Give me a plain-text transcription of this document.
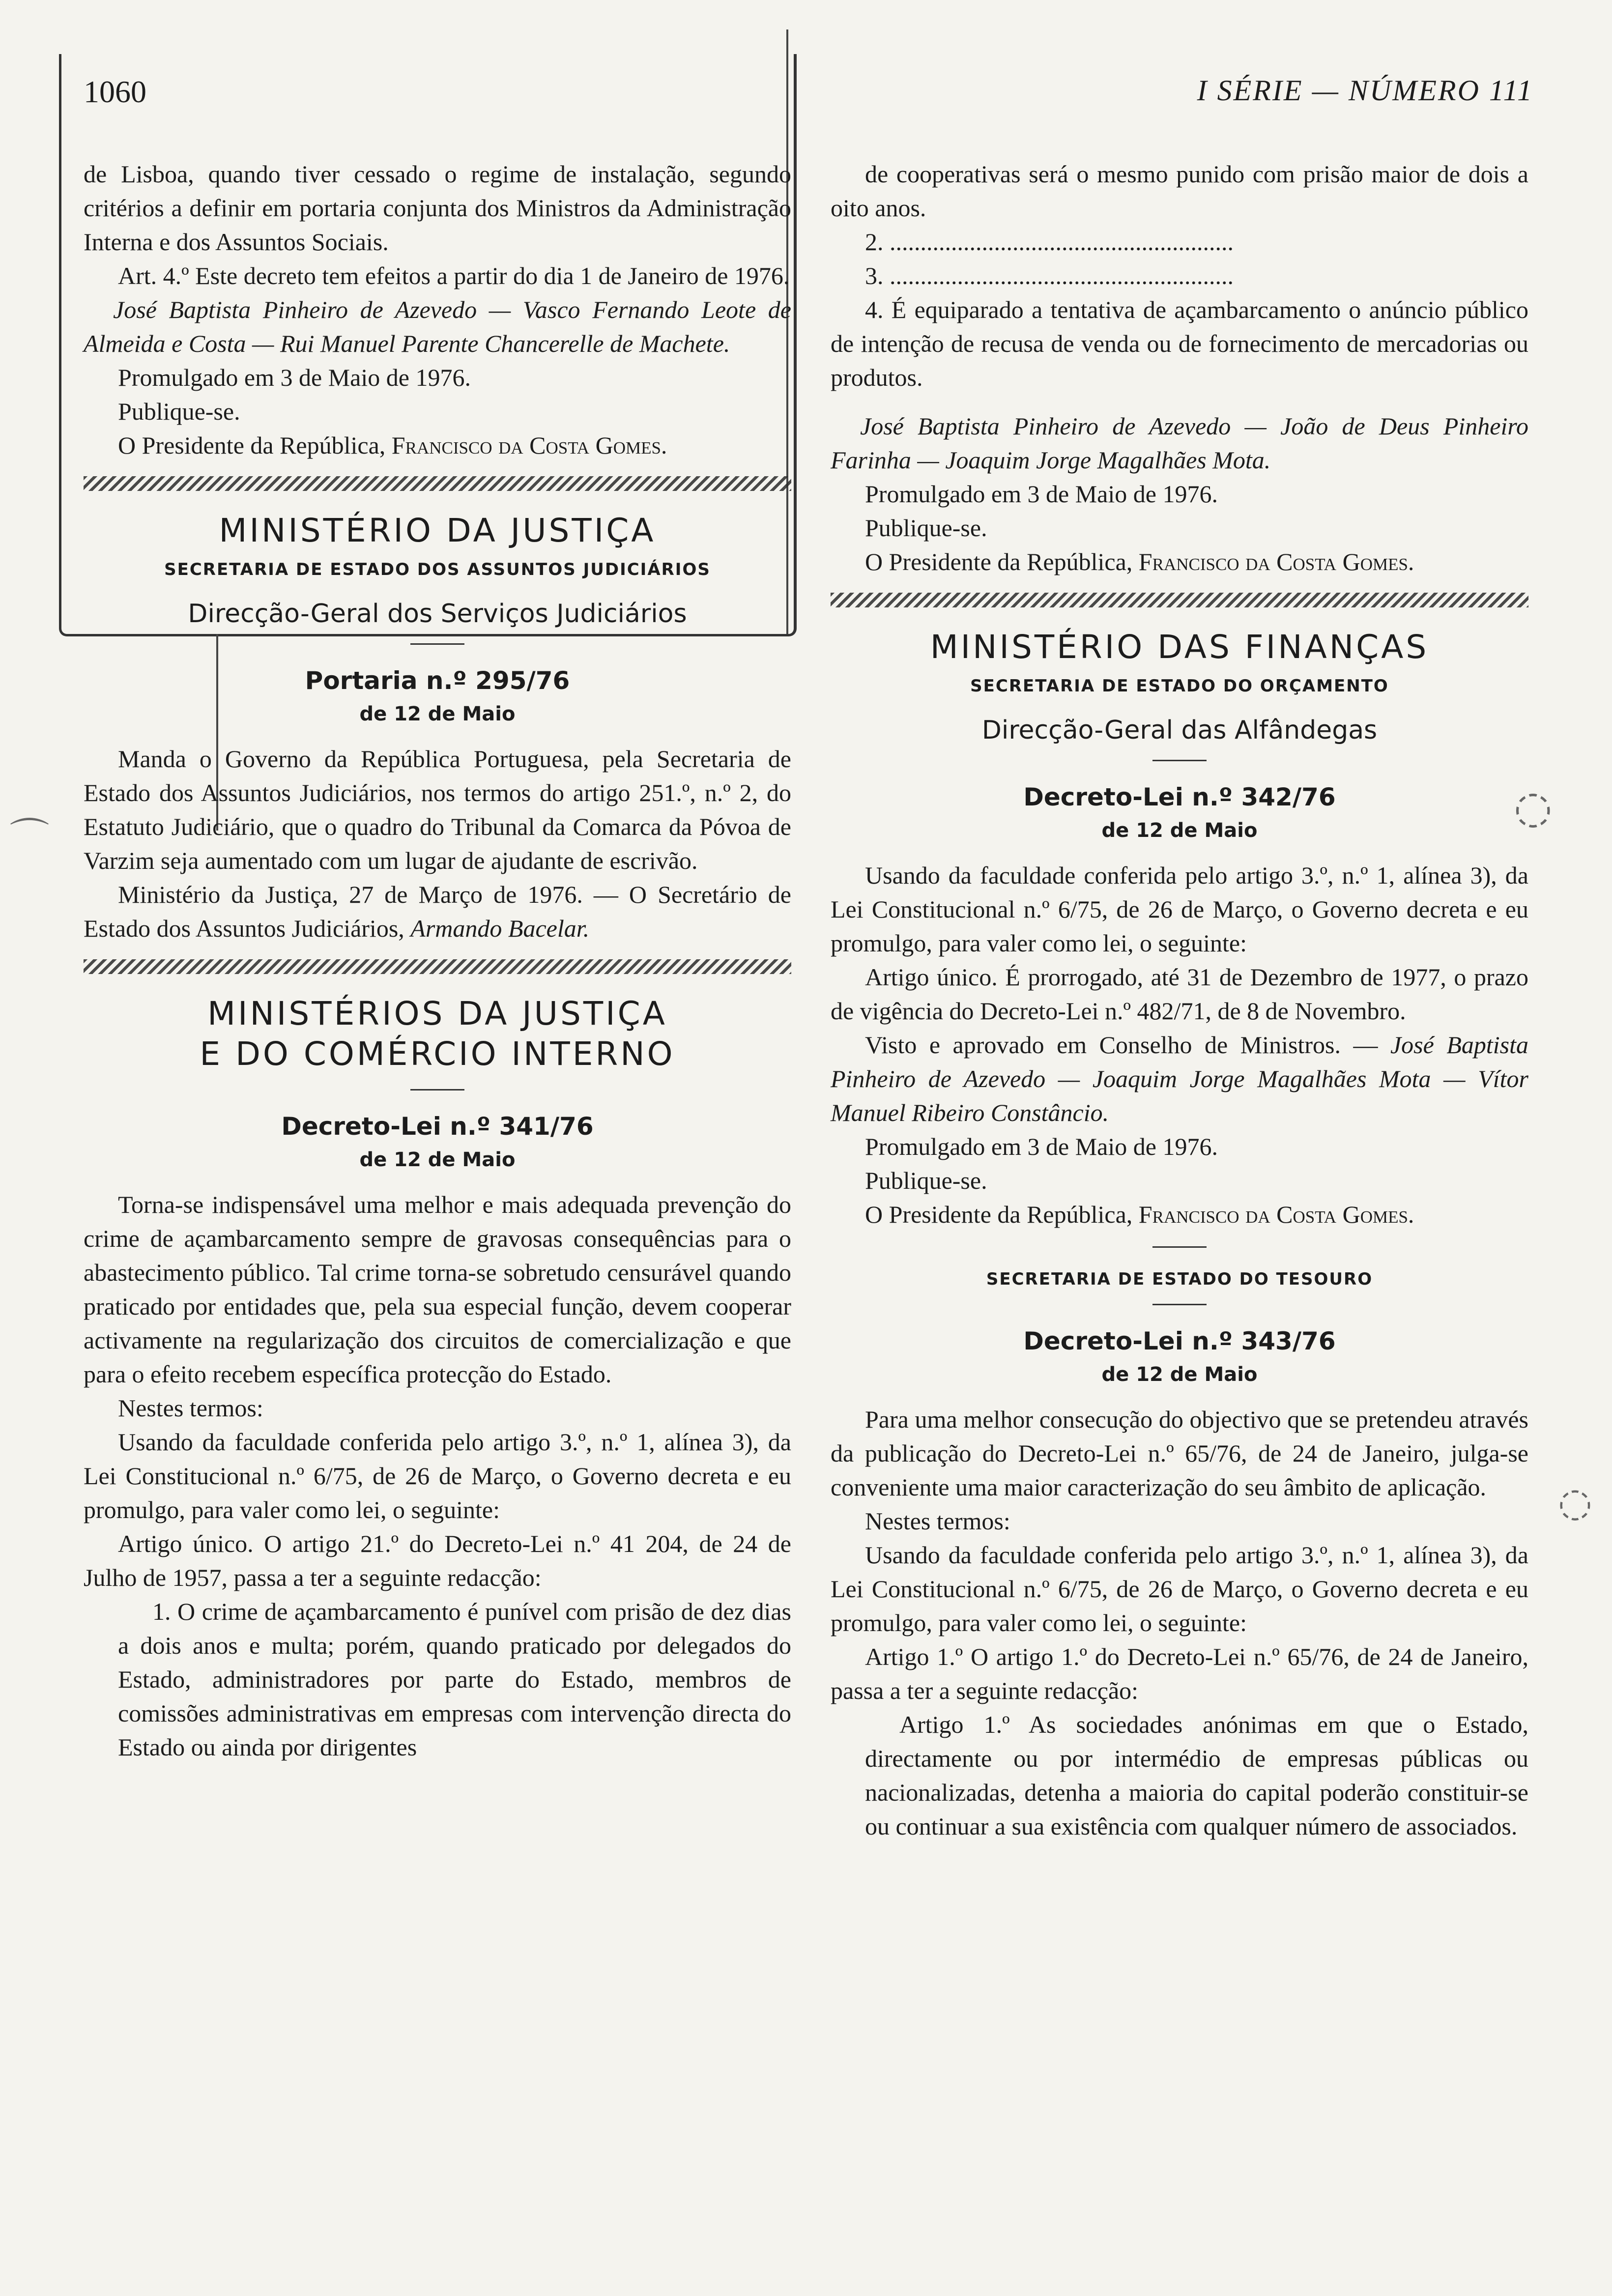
⌒
◌
◌
1060	I SÉRIE — NÚMERO 111

de Lisboa, quando tiver cessado o regime de instalação, segundo critérios a definir em portaria conjunta dos Ministros da Administração Interna e dos Assuntos Sociais.

Art. 4.º Este decreto tem efeitos a partir do dia 1 de Janeiro de 1976.

José Baptista Pinheiro de Azevedo — Vasco Fernando Leote de Almeida e Costa — Rui Manuel Parente Chancerelle de Machete.

Promulgado em 3 de Maio de 1976.

Publique-se.

O Presidente da República, Francisco da Costa Gomes.

MINISTÉRIO DA JUSTIÇA
SECRETARIA DE ESTADO DOS ASSUNTOS JUDICIÁRIOS
Direcção-Geral dos Serviços Judiciários
Portaria n.º 295/76
de 12 de Maio

Manda o Governo da República Portuguesa, pela Secretaria de Estado dos Assuntos Judiciários, nos termos do artigo 251.º, n.º 2, do Estatuto Judiciário, que o quadro do Tribunal da Comarca da Póvoa de Varzim seja aumentado com um lugar de ajudante de escrivão.

Ministério da Justiça, 27 de Março de 1976. — O Secretário de Estado dos Assuntos Judiciários, Armando Bacelar.

MINISTÉRIOS DA JUSTIÇA
E DO COMÉRCIO INTERNO
Decreto-Lei n.º 341/76
de 12 de Maio

Torna-se indispensável uma melhor e mais adequada prevenção do crime de açambarcamento sempre de gravosas consequências para o abastecimento público. Tal crime torna-se sobretudo censurável quando praticado por entidades que, pela sua especial função, devem cooperar activamente na regularização dos circuitos de comercialização e que para o efeito recebem específica protecção do Estado.

Nestes termos:

Usando da faculdade conferida pelo artigo 3.º, n.º 1, alínea 3), da Lei Constitucional n.º 6/75, de 26 de Março, o Governo decreta e eu promulgo, para valer como lei, o seguinte:

Artigo único. O artigo 21.º do Decreto-Lei n.º 41 204, de 24 de Julho de 1957, passa a ter a seguinte redacção:

1. O crime de açambarcamento é punível com prisão de dez dias a dois anos e multa; porém, quando praticado por delegados do Estado, administradores por parte do Estado, membros de comissões administrativas em empresas com intervenção directa do Estado ou ainda por dirigentes

de cooperativas será o mesmo punido com prisão maior de dois a oito anos.

2. ........................................................

3. ........................................................

4. É equiparado a tentativa de açambarcamento o anúncio público de intenção de recusa de venda ou de fornecimento de mercadorias ou produtos.

José Baptista Pinheiro de Azevedo — João de Deus Pinheiro Farinha — Joaquim Jorge Magalhães Mota.

Promulgado em 3 de Maio de 1976.

Publique-se.

O Presidente da República, Francisco da Costa Gomes.

MINISTÉRIO DAS FINANÇAS
SECRETARIA DE ESTADO DO ORÇAMENTO
Direcção-Geral das Alfândegas
Decreto-Lei n.º 342/76
de 12 de Maio

Usando da faculdade conferida pelo artigo 3.º, n.º 1, alínea 3), da Lei Constitucional n.º 6/75, de 26 de Março, o Governo decreta e eu promulgo, para valer como lei, o seguinte:

Artigo único. É prorrogado, até 31 de Dezembro de 1977, o prazo de vigência do Decreto-Lei n.º 482/71, de 8 de Novembro.

Visto e aprovado em Conselho de Ministros. — José Baptista Pinheiro de Azevedo — Joaquim Jorge Magalhães Mota — Vítor Manuel Ribeiro Constâncio.

Promulgado em 3 de Maio de 1976.

Publique-se.

O Presidente da República, Francisco da Costa Gomes.

SECRETARIA DE ESTADO DO TESOURO
Decreto-Lei n.º 343/76
de 12 de Maio

Para uma melhor consecução do objectivo que se pretendeu através da publicação do Decreto-Lei n.º 65/76, de 24 de Janeiro, julga-se conveniente uma maior caracterização do seu âmbito de aplicação.

Nestes termos:

Usando da faculdade conferida pelo artigo 3.º, n.º 1, alínea 3), da Lei Constitucional n.º 6/75, de 26 de Março, o Governo decreta e eu promulgo, para valer como lei, o seguinte:

Artigo 1.º O artigo 1.º do Decreto-Lei n.º 65/76, de 24 de Janeiro, passa a ter a seguinte redacção:

Artigo 1.º As sociedades anónimas em que o Estado, directamente ou por intermédio de empresas públicas ou nacionalizadas, detenha a maioria do capital poderão constituir-se ou continuar a sua existência com qualquer número de associados.
